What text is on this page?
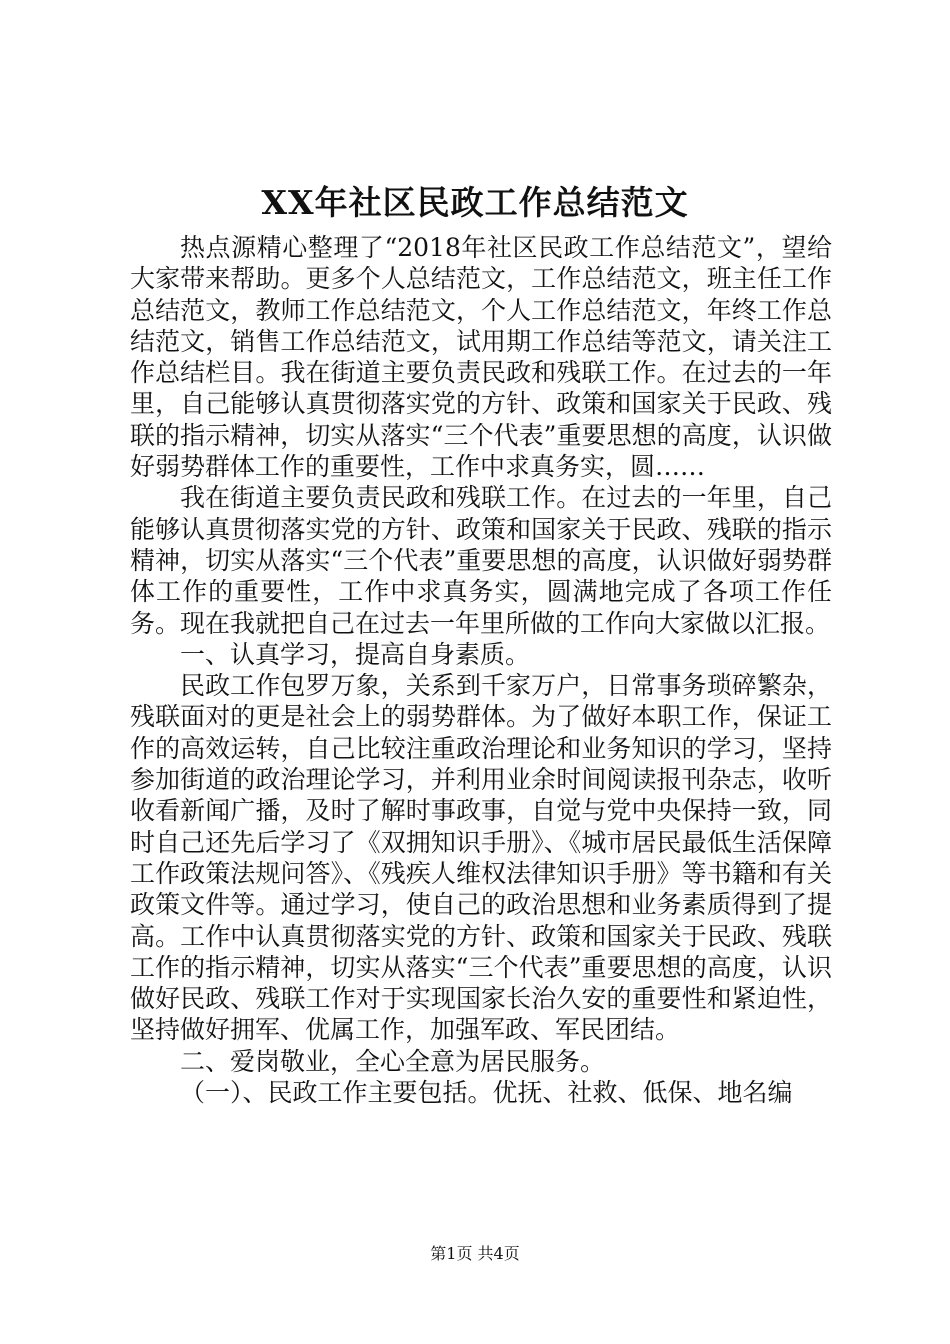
XX年社区民政工作总结范文

热点源精心整理了“2018年社区民政工作总结范文”，望给大家带来帮助。更多个人总结范文，工作总结范文，班主任工作总结范文，教师工作总结范文，个人工作总结范文，年终工作总结范文，销售工作总结范文，试用期工作总结等范文，请关注工作总结栏目。我在街道主要负责民政和残联工作。在过去的一年里，自己能够认真贯彻落实党的方针、政策和国家关于民政、残联的指示精神，切实从落实“三个代表”重要思想的高度，认识做好弱势群体工作的重要性，工作中求真务实，圆……

我在街道主要负责民政和残联工作。在过去的一年里，自己能够认真贯彻落实党的方针、政策和国家关于民政、残联的指示精神，切实从落实“三个代表”重要思想的高度，认识做好弱势群体工作的重要性，工作中求真务实，圆满地完成了各项工作任务。现在我就把自己在过去一年里所做的工作向大家做以汇报。

一、认真学习，提高自身素质。

民政工作包罗万象，关系到千家万户，日常事务琐碎繁杂，残联面对的更是社会上的弱势群体。为了做好本职工作，保证工作的高效运转，自己比较注重政治理论和业务知识的学习，坚持参加街道的政治理论学习，并利用业余时间阅读报刊杂志，收听收看新闻广播，及时了解时事政事，自觉与党中央保持一致，同时自己还先后学习了《双拥知识手册》、《城市居民最低生活保障工作政策法规问答》、《残疾人维权法律知识手册》等书籍和有关政策文件等。通过学习，使自己的政治思想和业务素质得到了提高。工作中认真贯彻落实党的方针、政策和国家关于民政、残联工作的指示精神，切实从落实“三个代表”重要思想的高度，认识做好民政、残联工作对于实现国家长治久安的重要性和紧迫性，坚持做好拥军、优属工作，加强军政、军民团结。

二、爱岗敬业，全心全意为居民服务。

（一）、民政工作主要包括。优抚、社救、低保、地名编

第1页 共4页
